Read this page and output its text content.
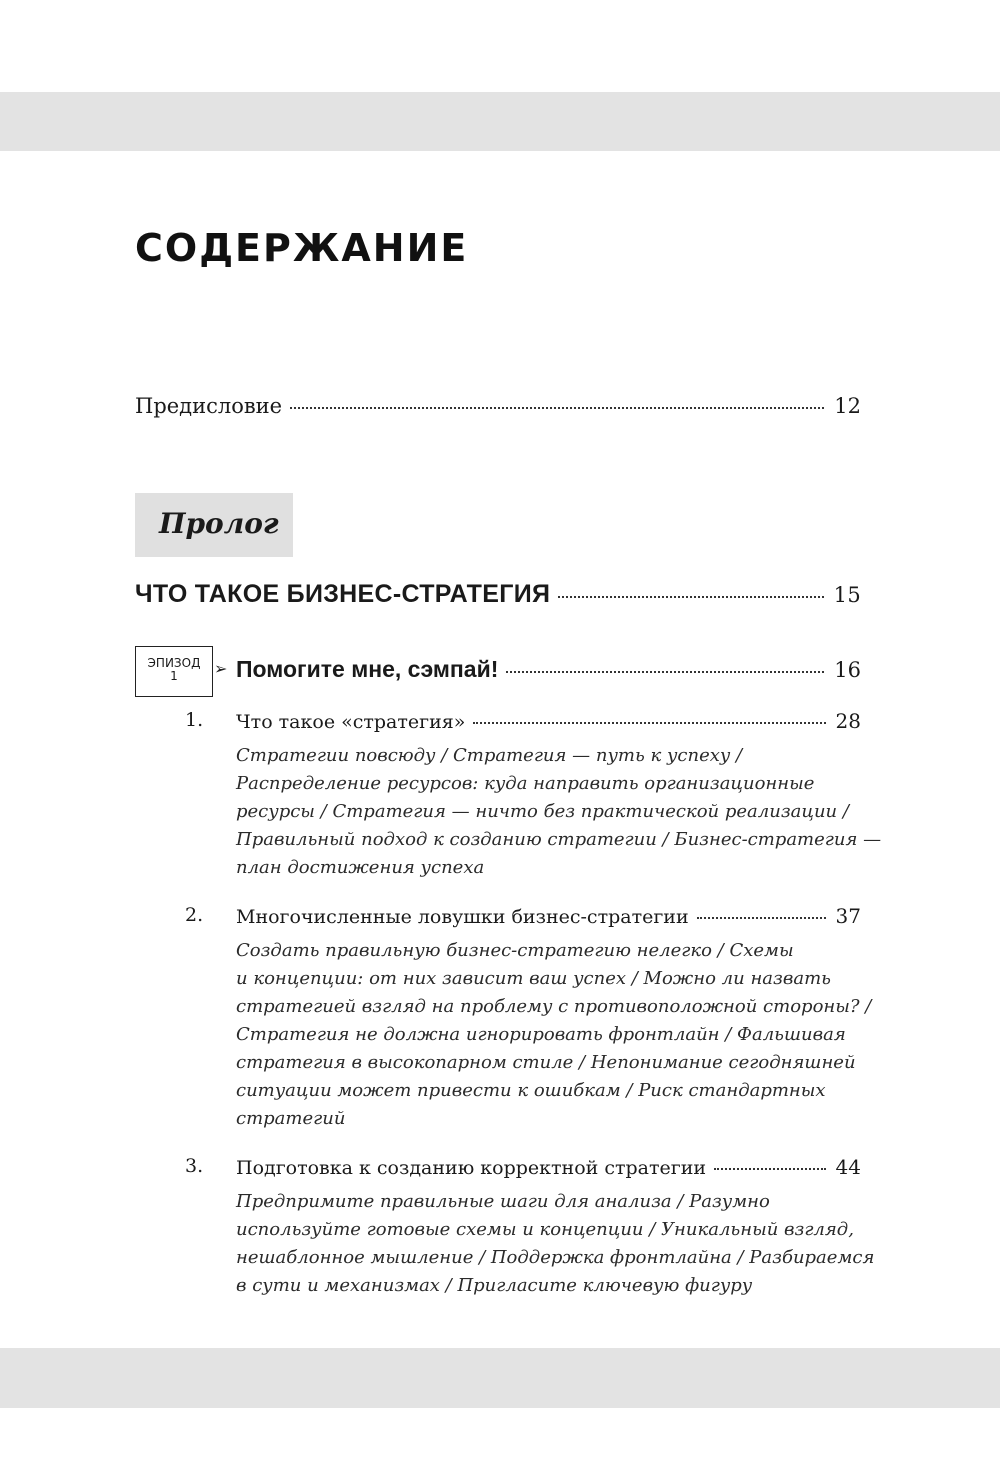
СОДЕРЖАНИЕ
Предисловие	12
Пролог
ЧТО ТАКОЕ БИЗНЕС-СТРАТЕГИЯ	15
ЭПИЗОД
1	➢ Помогите мне, сэмпай!	16
1. Что такое «стратегия»	28
Стратегии повсюду / Стратегия — путь к успеху /
Распределение ресурсов: куда направить организационные
ресурсы / Стратегия — ничто без практической реализации /
Правильный подход к созданию стратегии / Бизнес-стратегия —
план достижения успеха
2. Многочисленные ловушки бизнес-стратегии	37
Создать правильную бизнес-стратегию нелегко / Схемы
и концепции: от них зависит ваш успех / Можно ли назвать
стратегией взгляд на проблему с противоположной стороны? /
Стратегия не должна игнорировать фронтлайн / Фальшивая
стратегия в высокопарном стиле / Непонимание сегодняшней
ситуации может привести к ошибкам / Риск стандартных
стратегий
3. Подготовка к созданию корректной стратегии	44
Предпримите правильные шаги для анализа / Разумно
используйте готовые схемы и концепции / Уникальный взгляд,
нешаблонное мышление / Поддержка фронтлайна / Разбираемся
в сути и механизмах / Пригласите ключевую фигуру
